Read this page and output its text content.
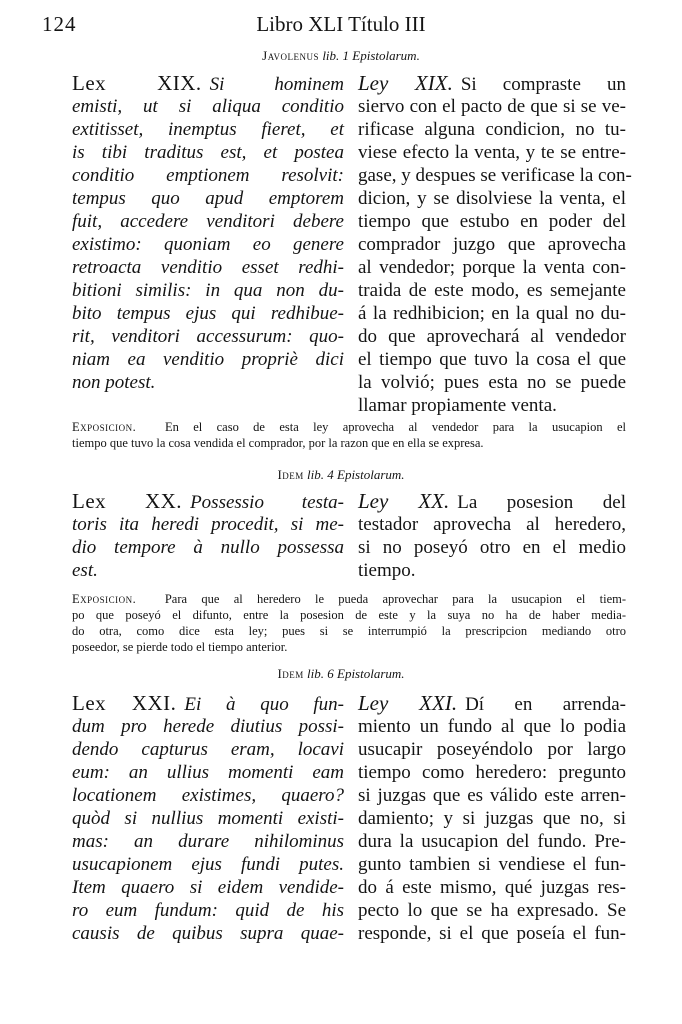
124	Libro XLI Título III
Javolenus lib. 1 Epistolarum.
Lex XIX. Si hominem
emisti, ut si aliqua conditio
extitisset, inemptus fieret, et
is tibi traditus est, et postea
conditio emptionem resolvit:
tempus quo apud emptorem
fuit, accedere venditori debere
existimo: quoniam eo genere
retroacta venditio esset redhi-
bitioni similis: in qua non du-
bito tempus ejus qui redhibue-
rit, venditori accessurum: quo-
niam ea venditio propriè dici
non potest.
Ley XIX. Si compraste un
siervo con el pacto de que si se ve-
rificase alguna condicion, no tu-
viese efecto la venta, y te se entre-
gase, y despues se verificase la con-
dicion, y se disolviese la venta, el
tiempo que estubo en poder del
comprador juzgo que aprovecha
al vendedor; porque la venta con-
traida de este modo, es semejante
á la redhibicion; en la qual no du-
do que aprovechará al vendedor
el tiempo que tuvo la cosa el que
la volvió; pues esta no se puede
llamar propiamente venta.
Exposicion. En el caso de esta ley aprovecha al vendedor para la usucapion el
tiempo que tuvo la cosa vendida el comprador, por la razon que en ella se expresa.
Idem lib. 4 Epistolarum.
Lex XX. Possessio testa-
toris ita heredi procedit, si me-
dio tempore à nullo possessa
est.
Ley XX. La posesion del
testador aprovecha al heredero,
si no poseyó otro en el medio
tiempo.
Exposicion. Para que al heredero le pueda aprovechar para la usucapion el tiem-
po que poseyó el difunto, entre la posesion de este y la suya no ha de haber media-
do otra, como dice esta ley; pues si se interrumpió la prescripcion mediando otro
poseedor, se pierde todo el tiempo anterior.
Idem lib. 6 Epistolarum.
Lex XXI. Ei à quo fun-
dum pro herede diutius possi-
dendo capturus eram, locavi
eum: an ullius momenti eam
locationem existimes, quaero?
quòd si nullius momenti existi-
mas: an durare nihilominus
usucapionem ejus fundi putes.
Item quaero si eidem vendide-
ro eum fundum: quid de his
causis de quibus supra quae-
Ley XXI. Dí en arrenda-
miento un fundo al que lo podia
usucapir poseyéndolo por largo
tiempo como heredero: pregunto
si juzgas que es válido este arren-
damiento; y si juzgas que no, si
dura la usucapion del fundo. Pre-
gunto tambien si vendiese el fun-
do á este mismo, qué juzgas res-
pecto lo que se ha expresado. Se
responde, si el que poseía el fun-
